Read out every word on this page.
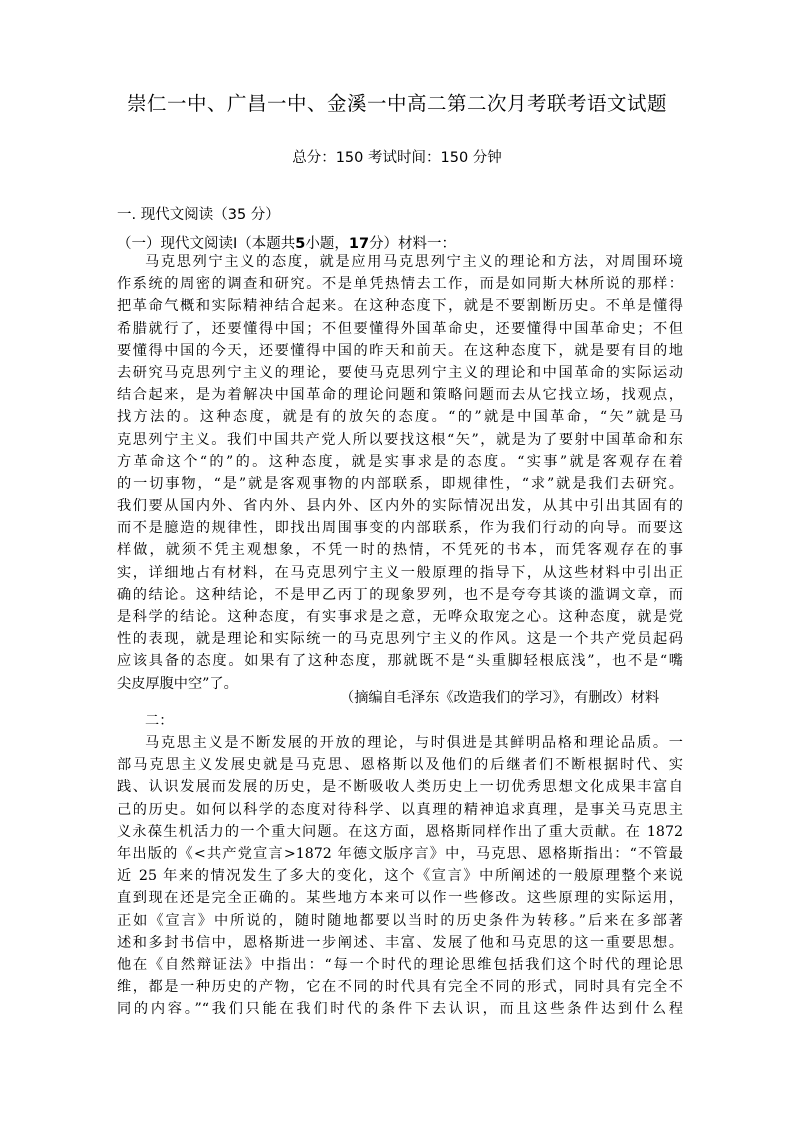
崇仁一中、广昌一中、金溪一中高二第二次月考联考语文试题
总分：150 考试时间：150 分钟
一. 现代文阅读（35 分）
（一）现代文阅读Ⅰ（本题共5小题，17分）材料一：
马克思列宁主义的态度，就是应用马克思列宁主义的理论和方法，对周围环境
作系统的周密的调查和研究。不是单凭热情去工作，而是如同斯大林所说的那样：
把革命气概和实际精神结合起来。在这种态度下，就是不要割断历史。不单是懂得
希腊就行了，还要懂得中国；不但要懂得外国革命史，还要懂得中国革命史；不但
要懂得中国的今天，还要懂得中国的昨天和前天。在这种态度下，就是要有目的地
去研究马克思列宁主义的理论，要使马克思列宁主义的理论和中国革命的实际运动
结合起来，是为着解决中国革命的理论问题和策略问题而去从它找立场，找观点，
找方法的。这种态度，就是有的放矢的态度。“的”就是中国革命，“矢”就是马
克思列宁主义。我们中国共产党人所以要找这根“矢”，就是为了要射中国革命和东
方革命这个“的”的。这种态度，就是实事求是的态度。“实事”就是客观存在着
的一切事物，“是”就是客观事物的内部联系，即规律性，“求”就是我们去研究。
我们要从国内外、省内外、县内外、区内外的实际情况出发，从其中引出其固有的
而不是臆造的规律性，即找出周围事变的内部联系，作为我们行动的向导。而要这
样做，就须不凭主观想象，不凭一时的热情，不凭死的书本，而凭客观存在的事
实，详细地占有材料，在马克思列宁主义一般原理的指导下，从这些材料中引出正
确的结论。这种结论，不是甲乙丙丁的现象罗列，也不是夸夸其谈的滥调文章，而
是科学的结论。这种态度，有实事求是之意，无哗众取宠之心。这种态度，就是党
性的表现，就是理论和实际统一的马克思列宁主义的作风。这是一个共产党员起码
应该具备的态度。如果有了这种态度，那就既不是“头重脚轻根底浅”，也不是“嘴
尖皮厚腹中空”了。
（摘编自毛泽东《改造我们的学习》，有删改）材料
二：
马克思主义是不断发展的开放的理论，与时俱进是其鲜明品格和理论品质。一
部马克思主义发展史就是马克思、恩格斯以及他们的后继者们不断根据时代、实
践、认识发展而发展的历史，是不断吸收人类历史上一切优秀思想文化成果丰富自
己的历史。如何以科学的态度对待科学、以真理的精神追求真理，是事关马克思主
义永葆生机活力的一个重大问题。在这方面，恩格斯同样作出了重大贡献。在 1872
年出版的《<共产党宣言>1872 年德文版序言》中，马克思、恩格斯指出：“不管最
近 25 年来的情况发生了多大的变化，这个《宣言》中所阐述的一般原理整个来说
直到现在还是完全正确的。某些地方本来可以作一些修改。这些原理的实际运用，
正如《宣言》中所说的，随时随地都要以当时的历史条件为转移。”后来在多部著
述和多封书信中，恩格斯进一步阐述、丰富、发展了他和马克思的这一重要思想。
他在《自然辩证法》中指出：“每一个时代的理论思维包括我们这个时代的理论思
维，都是一种历史的产物，它在不同的时代具有完全不同的形式，同时具有完全不
同的内容。”“我们只能在我们时代的条件下去认识，而且这些条件达到什么程
